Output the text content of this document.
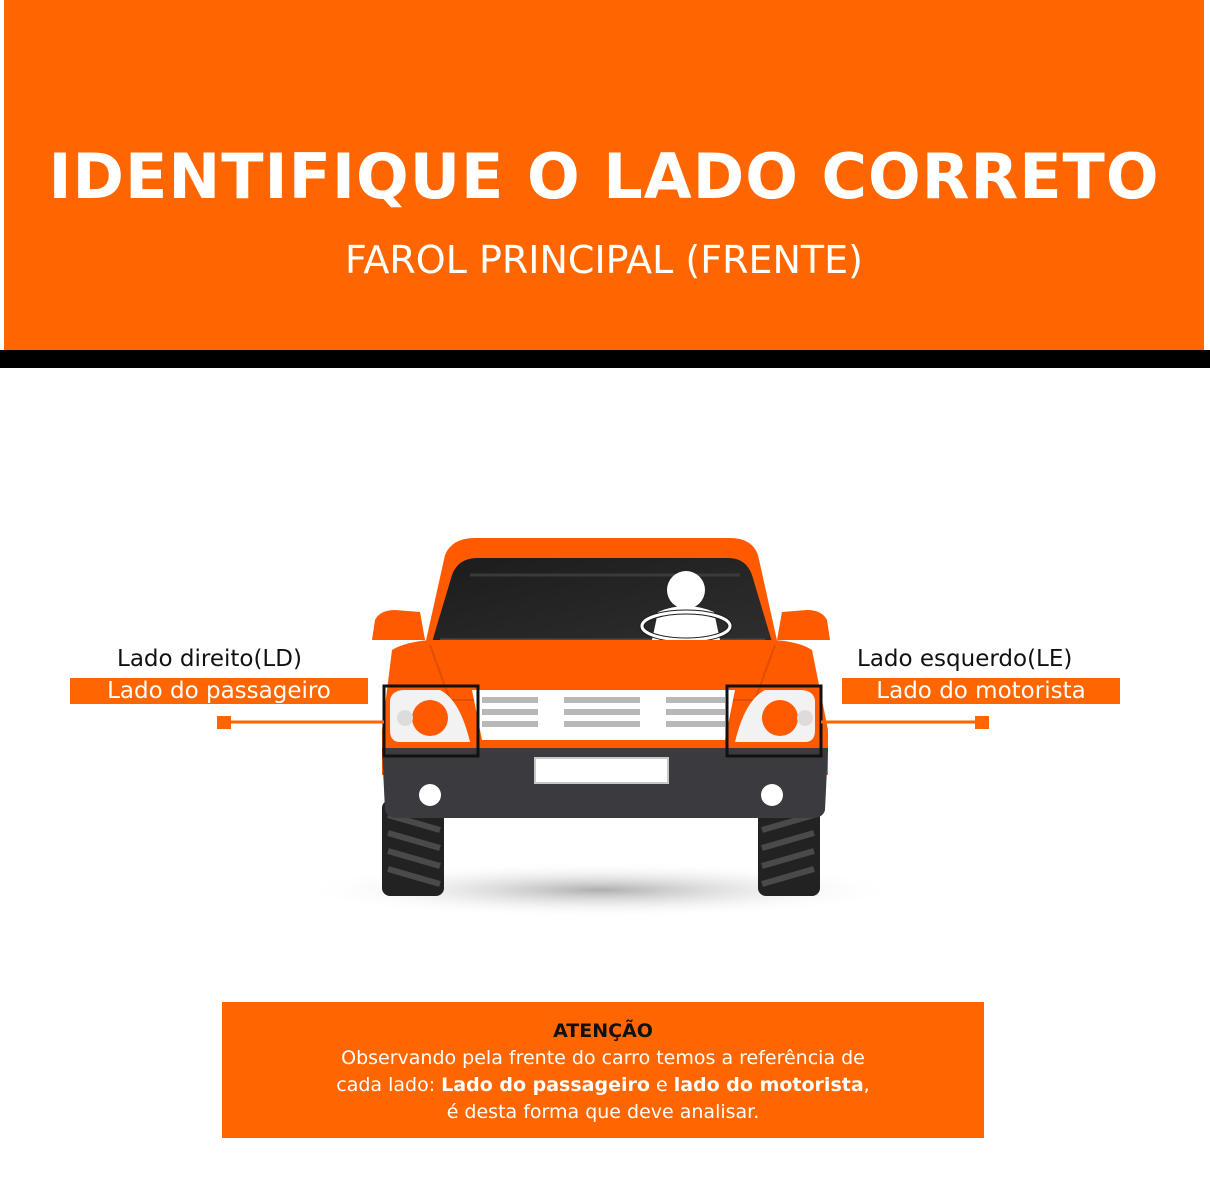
IDENTIFIQUE O LADO CORRETO
FAROL PRINCIPAL (FRENTE)
Lado direito(LD)
Lado do passageiro
Lado esquerdo(LE)
Lado do motorista
ATENÇÃO
Observando pela frente do carro temos a referência de
cada lado: Lado do passageiro e lado do motorista,
é desta forma que deve analisar.
